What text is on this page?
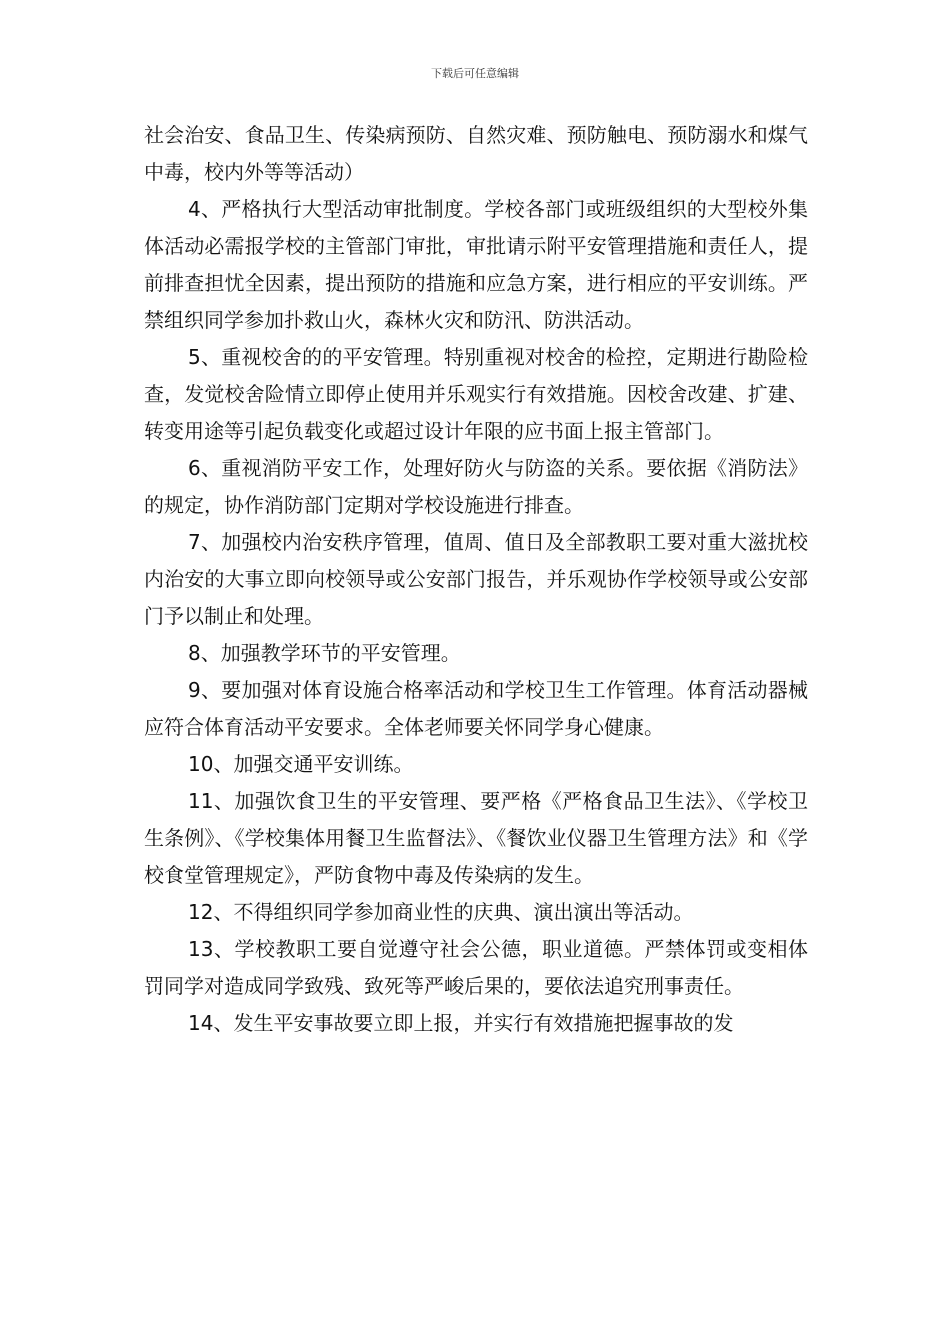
下载后可任意编辑

社会治安、食品卫生、传染病预防、自然灾难、预防触电、预防溺水和煤气中毒，校内外等等活动）

4、严格执行大型活动审批制度。学校各部门或班级组织的大型校外集体活动必需报学校的主管部门审批，审批请示附平安管理措施和责任人，提前排查担忧全因素，提出预防的措施和应急方案，进行相应的平安训练。严禁组织同学参加扑救山火，森林火灾和防汛、防洪活动。

5、重视校舍的的平安管理。特别重视对校舍的检控，定期进行勘险检查，发觉校舍险情立即停止使用并乐观实行有效措施。因校舍改建、扩建、转变用途等引起负载变化或超过设计年限的应书面上报主管部门。

6、重视消防平安工作，处理好防火与防盗的关系。要依据《消防法》的规定，协作消防部门定期对学校设施进行排查。

7、加强校内治安秩序管理，值周、值日及全部教职工要对重大滋扰校内治安的大事立即向校领导或公安部门报告，并乐观协作学校领导或公安部门予以制止和处理。

8、加强教学环节的平安管理。

9、要加强对体育设施合格率活动和学校卫生工作管理。体育活动器械应符合体育活动平安要求。全体老师要关怀同学身心健康。

10、加强交通平安训练。

11、加强饮食卫生的平安管理、要严格《严格食品卫生法》、《学校卫生条例》、《学校集体用餐卫生监督法》、《餐饮业仪器卫生管理方法》和《学校食堂管理规定》，严防食物中毒及传染病的发生。

12、不得组织同学参加商业性的庆典、演出演出等活动。

13、学校教职工要自觉遵守社会公德，职业道德。严禁体罚或变相体罚同学对造成同学致残、致死等严峻后果的，要依法追究刑事责任。

14、发生平安事故要立即上报，并实行有效措施把握事故的发
